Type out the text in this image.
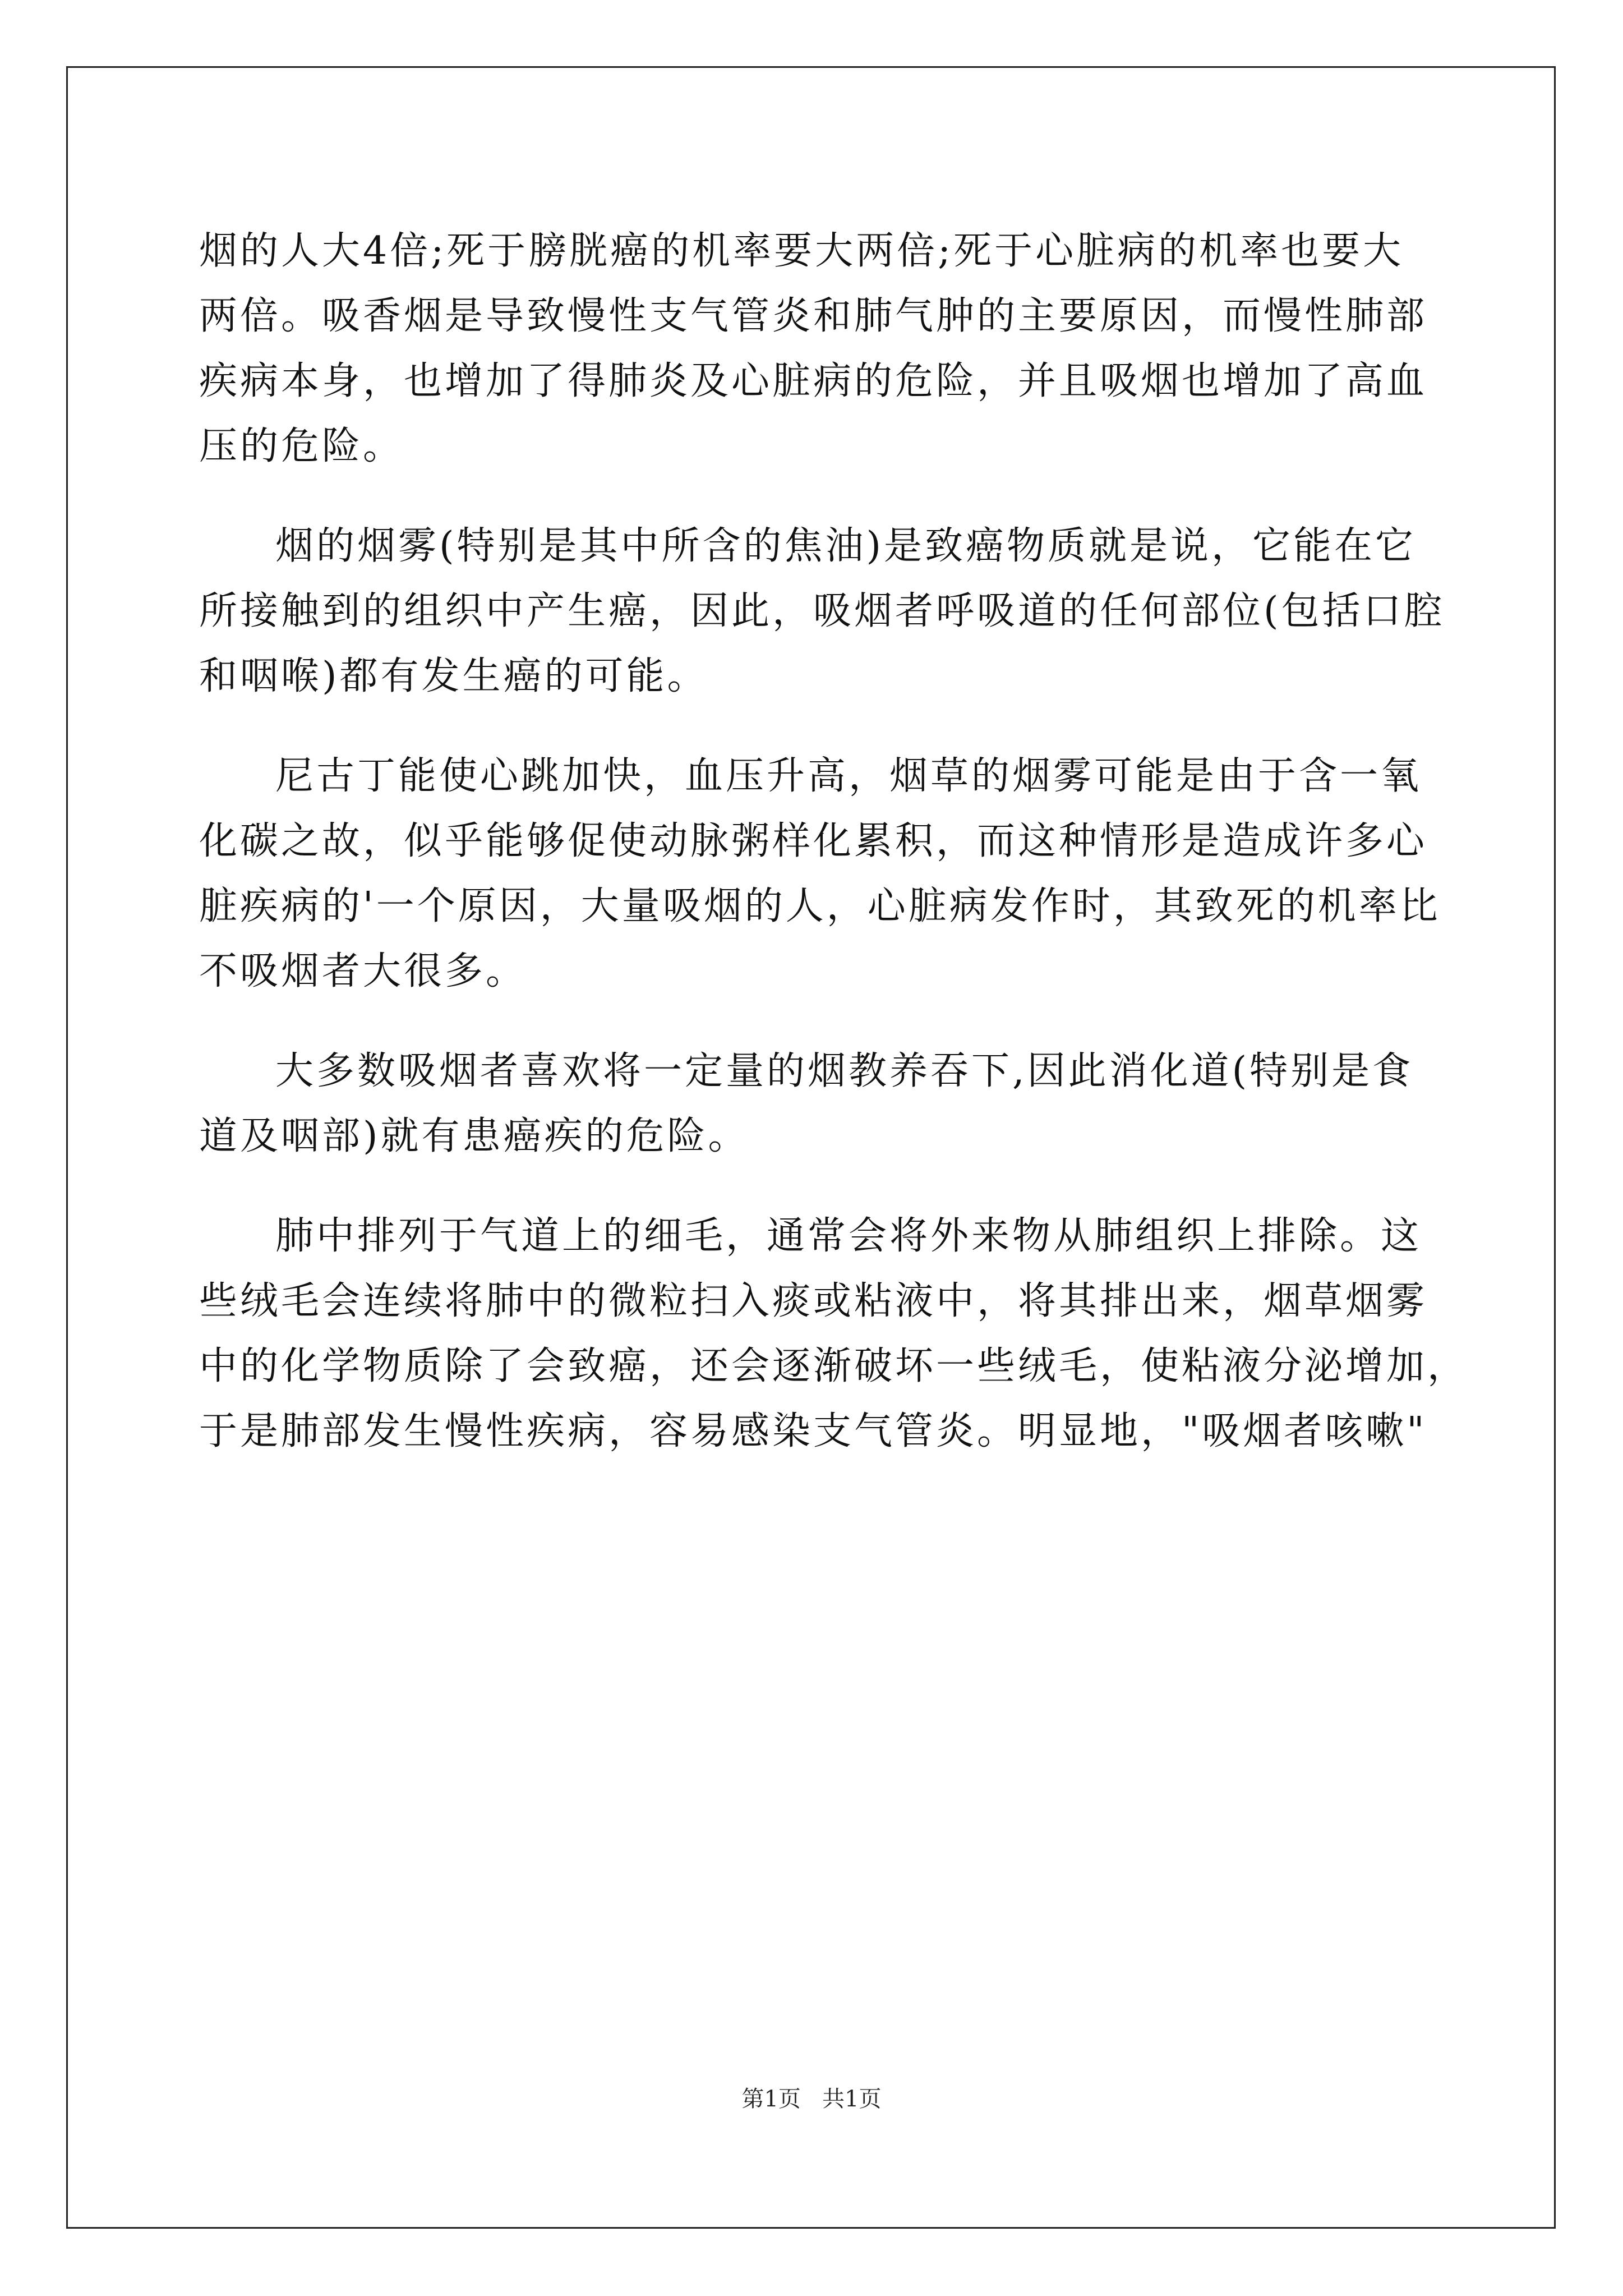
烟的人大4倍;死于膀胱癌的机率要大两倍;死于心脏病的机率也要大
两倍。吸香烟是导致慢性支气管炎和肺气肿的主要原因，而慢性肺部
疾病本身，也增加了得肺炎及心脏病的危险，并且吸烟也增加了高血
压的危险。
烟的烟雾(特别是其中所含的焦油)是致癌物质就是说，它能在它
所接触到的组织中产生癌，因此，吸烟者呼吸道的任何部位(包括口腔
和咽喉)都有发生癌的可能。
尼古丁能使心跳加快，血压升高，烟草的烟雾可能是由于含一氧
化碳之故，似乎能够促使动脉粥样化累积，而这种情形是造成许多心
脏疾病的'一个原因，大量吸烟的人，心脏病发作时，其致死的机率比
不吸烟者大很多。
大多数吸烟者喜欢将一定量的烟教养吞下,因此消化道(特别是食
道及咽部)就有患癌疾的危险。
肺中排列于气道上的细毛，通常会将外来物从肺组织上排除。这
些绒毛会连续将肺中的微粒扫入痰或粘液中，将其排出来，烟草烟雾
中的化学物质除了会致癌，还会逐渐破坏一些绒毛，使粘液分泌增加，
于是肺部发生慢性疾病，容易感染支气管炎。明显地，"吸烟者咳嗽"
第1页   共1页
